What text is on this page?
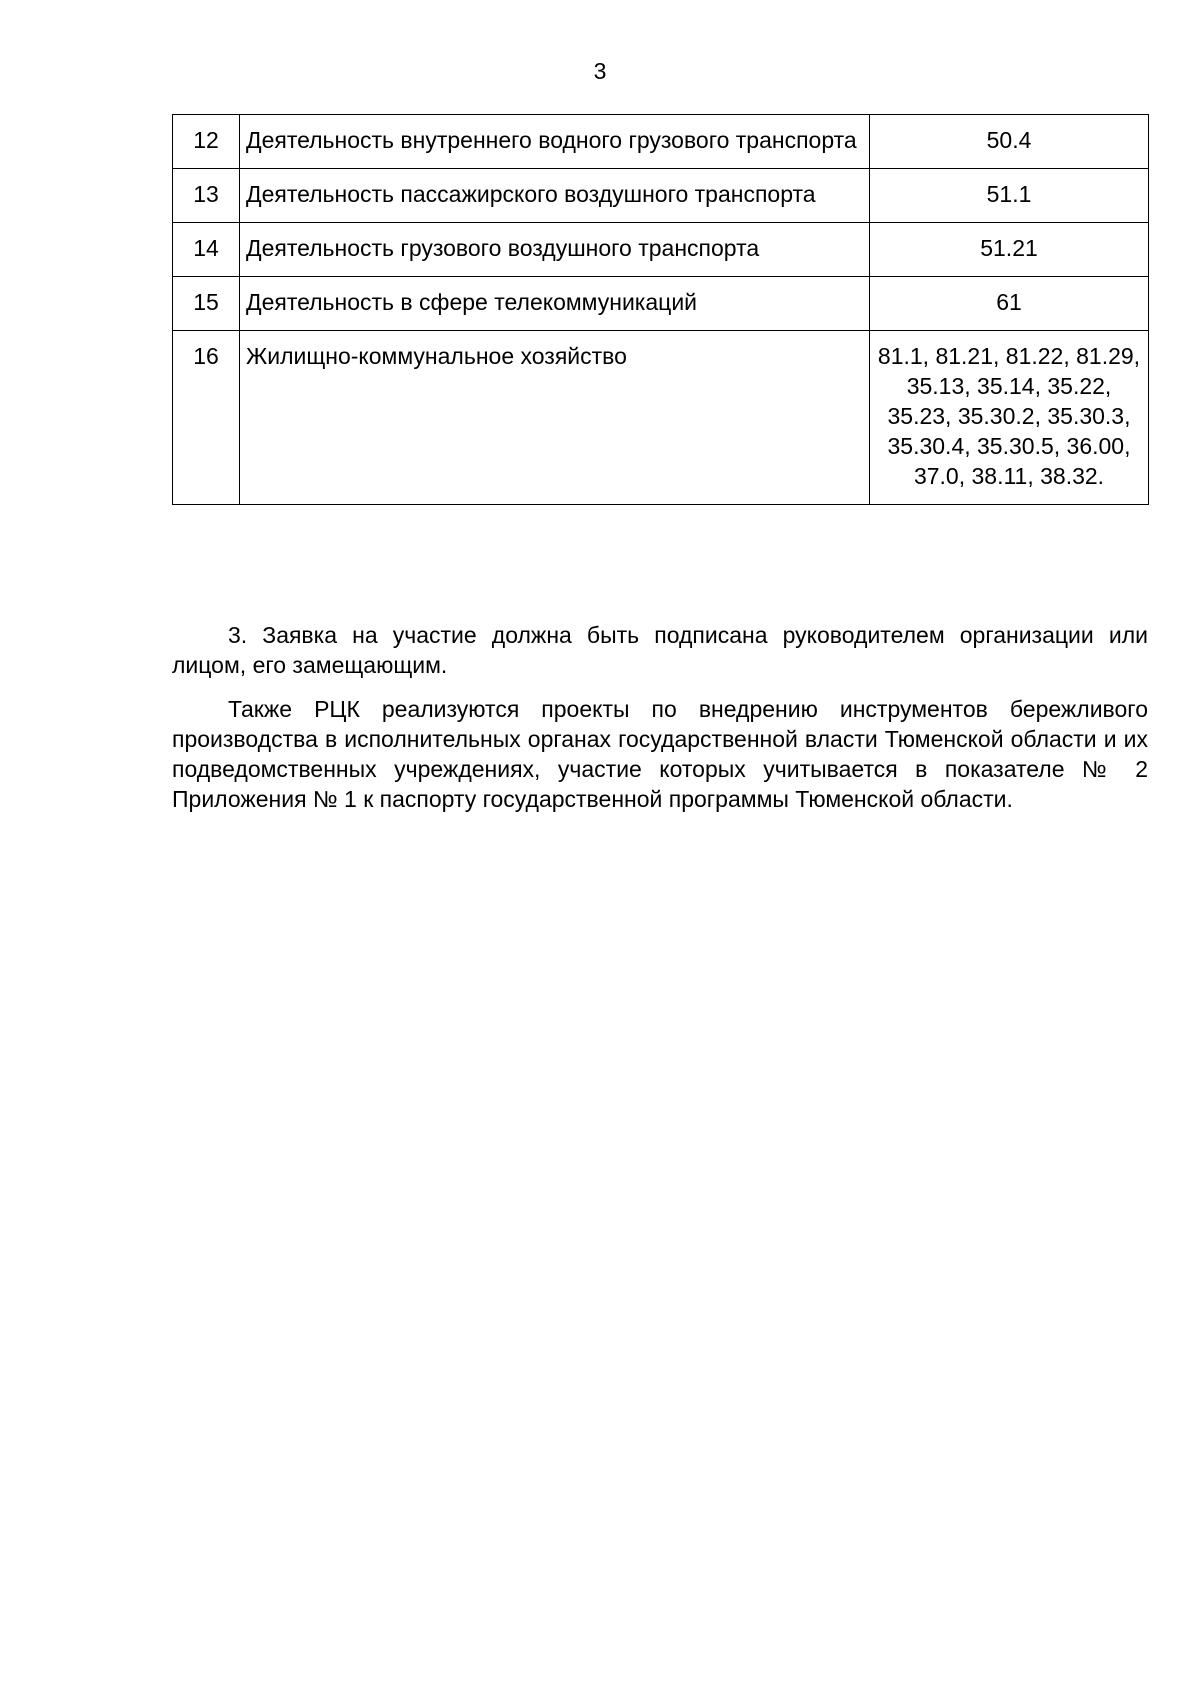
3
12	Деятельность внутреннего водного грузового транспорта	50.4
13	Деятельность пассажирского воздушного транспорта	51.1
14	Деятельность грузового воздушного транспорта	51.21
15	Деятельность в сфере телекоммуникаций	61
16	Жилищно-коммунальное хозяйство	81.1, 81.21, 81.22, 81.29, 35.13, 35.14, 35.22, 35.23, 35.30.2, 35.30.3, 35.30.4, 35.30.5, 36.00, 37.0, 38.11, 38.32.

3. Заявка на участие должна быть подписана руководителем организации или лицом, его замещающим.

Также РЦК реализуются проекты по внедрению инструментов бережливого производства в исполнительных органах государственной власти Тюменской области и их подведомственных учреждениях, участие которых учитывается в показателе № 2 Приложения № 1 к паспорту государственной программы Тюменской области.
